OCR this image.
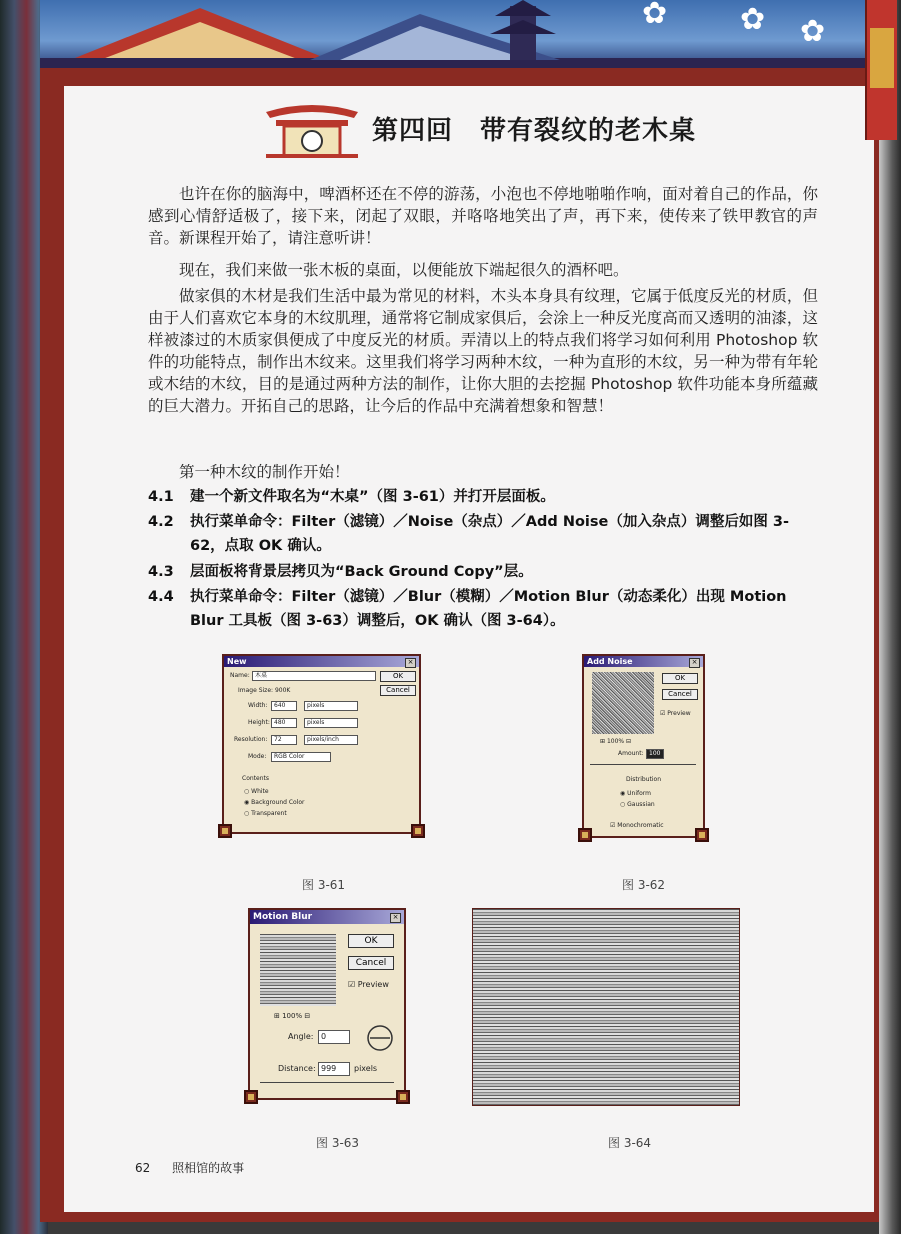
✿ ✿ ✿
第四回　带有裂纹的老木桌
也许在你的脑海中，啤酒杯还在不停的游荡，小泡也不停地啪啪作响，面对着自己的作品，你感到心情舒适极了，接下来，闭起了双眼，并咯咯地笑出了声，再下来，使传来了铁甲教官的声音。新课程开始了，请注意听讲！
现在，我们来做一张木板的桌面，以便能放下端起很久的酒杯吧。
做家俱的木材是我们生活中最为常见的材料，木头本身具有纹理，它属于低度反光的材质，但由于人们喜欢它本身的木纹肌理，通常将它制成家俱后，会涂上一种反光度高而又透明的油漆，这样被漆过的木质家俱便成了中度反光的材质。弄清以上的特点我们将学习如何利用 Photoshop 软件的功能特点，制作出木纹来。这里我们将学习两种木纹，一种为直形的木纹，另一种为带有年轮或木结的木纹，目的是通过两种方法的制作，让你大胆的去挖掘 Photoshop 软件功能本身所蕴藏的巨大潜力。开拓自己的思路，让今后的作品中充满着想象和智慧！
第一种木纹的制作开始！
4.1 建一个新文件取名为“木桌”（图 3-61）并打开层面板。
4.2 执行菜单命令：Filter（滤镜）／Noise（杂点）／Add Noise（加入杂点）调整后如图 3-62，点取 OK 确认。
4.3 层面板将背景层拷贝为“Back Ground Copy”层。
4.4 执行菜单命令：Filter（滤镜）／Blur（模糊）／Motion Blur（动态柔化）出现 Motion Blur 工具板（图 3-63）调整后，OK 确认（图 3-64）。
New	×
Name: 木桌	OK
Cancel
Image Size: 900K
Width:	640	pixels
Height: 480	pixels
Resolution:	72	pixels/inch
Mode:	RGB Color
Contents
○ White
◉ Background Color
○ Transparent
Add Noise	×
OK
Cancel
☑ Preview
⊞ 100% ⊟
Amount: 100
Distribution
◉ Uniform
○ Gaussian
☑ Monochromatic
图 3-61	图 3-62
Motion Blur	×
OK
Cancel
☑ Preview
⊞ 100% ⊟
Angle: 0
Distance: 999	pixels
图 3-63	图 3-64
62 照相馆的故事
